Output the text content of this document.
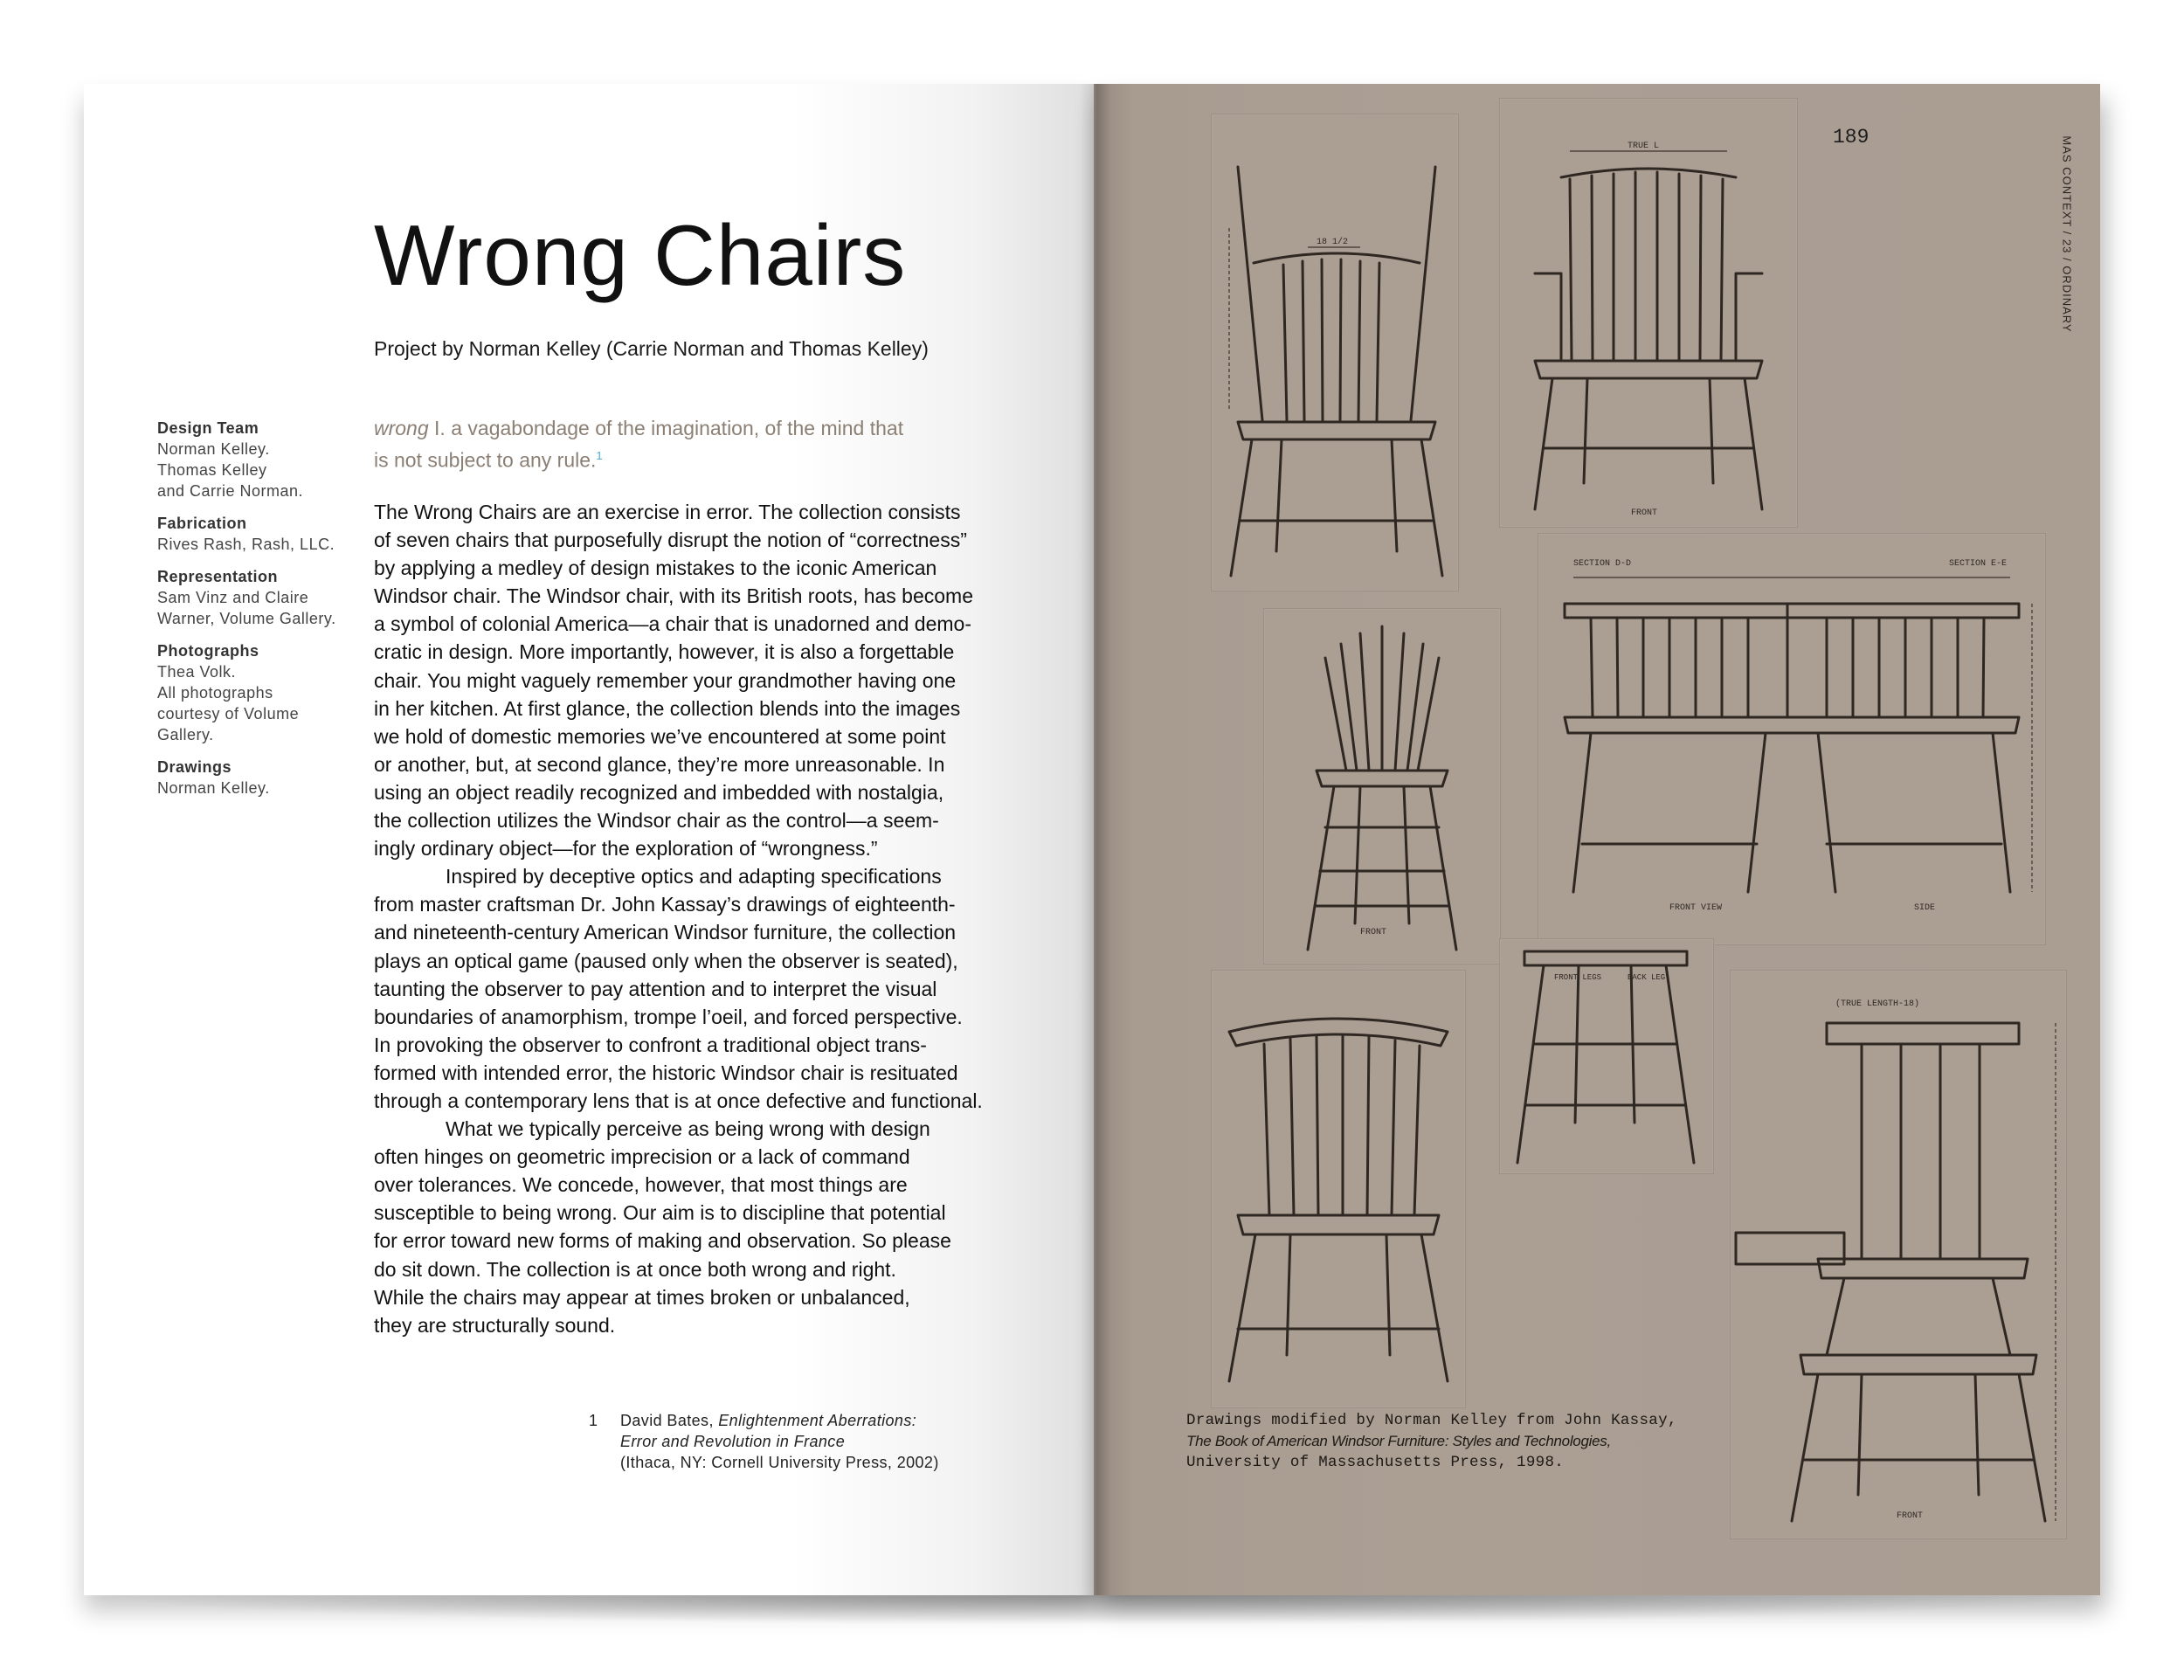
Wrong Chairs

Project by Norman Kelley (Carrie Norman and Thomas Kelley)

Design Team
Norman Kelley.
Thomas Kelley
and Carrie Norman.
Fabrication
Rives Rash, Rash, LLC.
Representation
Sam Vinz and Claire
Warner, Volume Gallery.
Photographs
Thea Volk.
All photographs
courtesy of Volume
Gallery.
Drawings
Norman Kelley.
wrong I. a vagabondage of the imagination, of the mind that
is not subject to any rule.$^1$
The Wrong Chairs are an exercise in error. The collection consists
of seven chairs that purposefully disrupt the notion of “correctness”
by applying a medley of design mistakes to the iconic American
Windsor chair. The Windsor chair, with its British roots, has become
a symbol of colonial America—a chair that is unadorned and demo-
cratic in design. More importantly, however, it is also a forgettable
chair. You might vaguely remember your grandmother having one
in her kitchen. At first glance, the collection blends into the images
we hold of domestic memories we’ve encountered at some point
or another, but, at second glance, they’re more unreasonable. In
using an object readily recognized and imbedded with nostalgia,
the collection utilizes the Windsor chair as the control—a seem-
ingly ordinary object—for the exploration of “wrongness.”
Inspired by deceptive optics and adapting specifications
from master craftsman Dr. John Kassay’s drawings of eighteenth-
and nineteenth-century American Windsor furniture, the collection
plays an optical game (paused only when the observer is seated),
taunting the observer to pay attention and to interpret the visual
boundaries of anamorphism, trompe l’oeil, and forced perspective.
In provoking the observer to confront a traditional object trans-
formed with intended error, the historic Windsor chair is resituated
through a contemporary lens that is at once defective and functional.
What we typically perceive as being wrong with design
often hinges on geometric imprecision or a lack of command
over tolerances. We concede, however, that most things are
susceptible to being wrong. Our aim is to discipline that potential
for error toward new forms of making and observation. So please
do sit down. The collection is at once both wrong and right.
While the chairs may appear at times broken or unbalanced,
they are structurally sound.
1 David Bates, Enlightenment Aberrations:
Error and Revolution in France
(Ithaca, NY: Cornell University Press, 2002)

189	MAS CONTEXT / 23 / ORDINARY
18 1/2
TRUE L
FRONT
SECTION D-D	SECTION E-E
FRONT VIEW	SIDE
FRONT
FRONT LEGS	BACK LEG
(TRUE LENGTH-18)
FRONT
Drawings modified by Norman Kelley from John Kassay,
The Book of American Windsor Furniture: Styles and Technologies,
University of Massachusetts Press, 1998.
